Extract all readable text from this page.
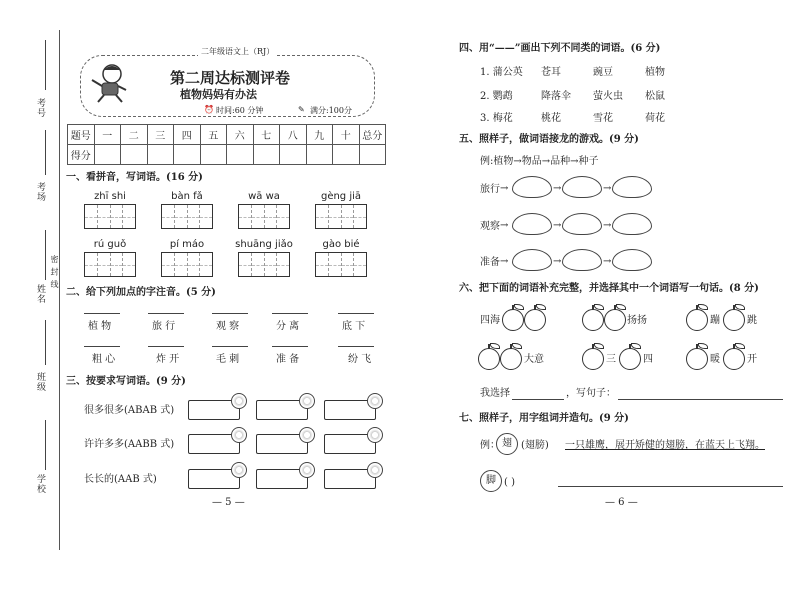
考号
考场
姓名
密 封 线
班级
学校
二年级语文上（RJ）
第二周达标测评卷
植物妈妈有办法
⏰ 时间:60 分钟	✎ 满分:100分
题号	一	二	三	四	五	六	七	八	九	十	总分
得分											
一、看拼音，写词语。(16 分)
zhī shi	bàn fǎ	wā wa	gèng jiā
rú guǒ	pí máo	shuāng jiǎo	gào bié
二、给下列加点的字注音。(5 分)
植 物	旅 行	观 察	分 离	底 下
粗 心	炸 开	毛 刺	准 备	纷 飞
三、按要求写词语。(9 分)
很多很多(ABAB 式)
许许多多(AABB 式)
长长的(AAB 式)
— 5 —
四、用“——”画出下列不同类的词语。(6 分)
1. 蒲公英 苍耳	豌豆	植物
2. 鹦鹉	降落伞 萤火虫 松鼠
3. 梅花	桃花	雪花	荷花
五、照样子，做词语接龙的游戏。(9 分)
例:植物→物品→品种→种子
旅行 →	→	→
观察 →	→	→
准备 →	→	→
六、把下面的词语补充完整，并选择其中一个词语写一句话。(8 分)
四海	扬扬	蹦	跳
大意	三	四	暖	开
我选择	，写句子：
七、照样子，用字组词并造句。(9 分)
例： 翅 (翅膀) 一只雄鹰，展开矫健的翅膀，在蓝天上飞翔。
脚 ( )
— 6 —
